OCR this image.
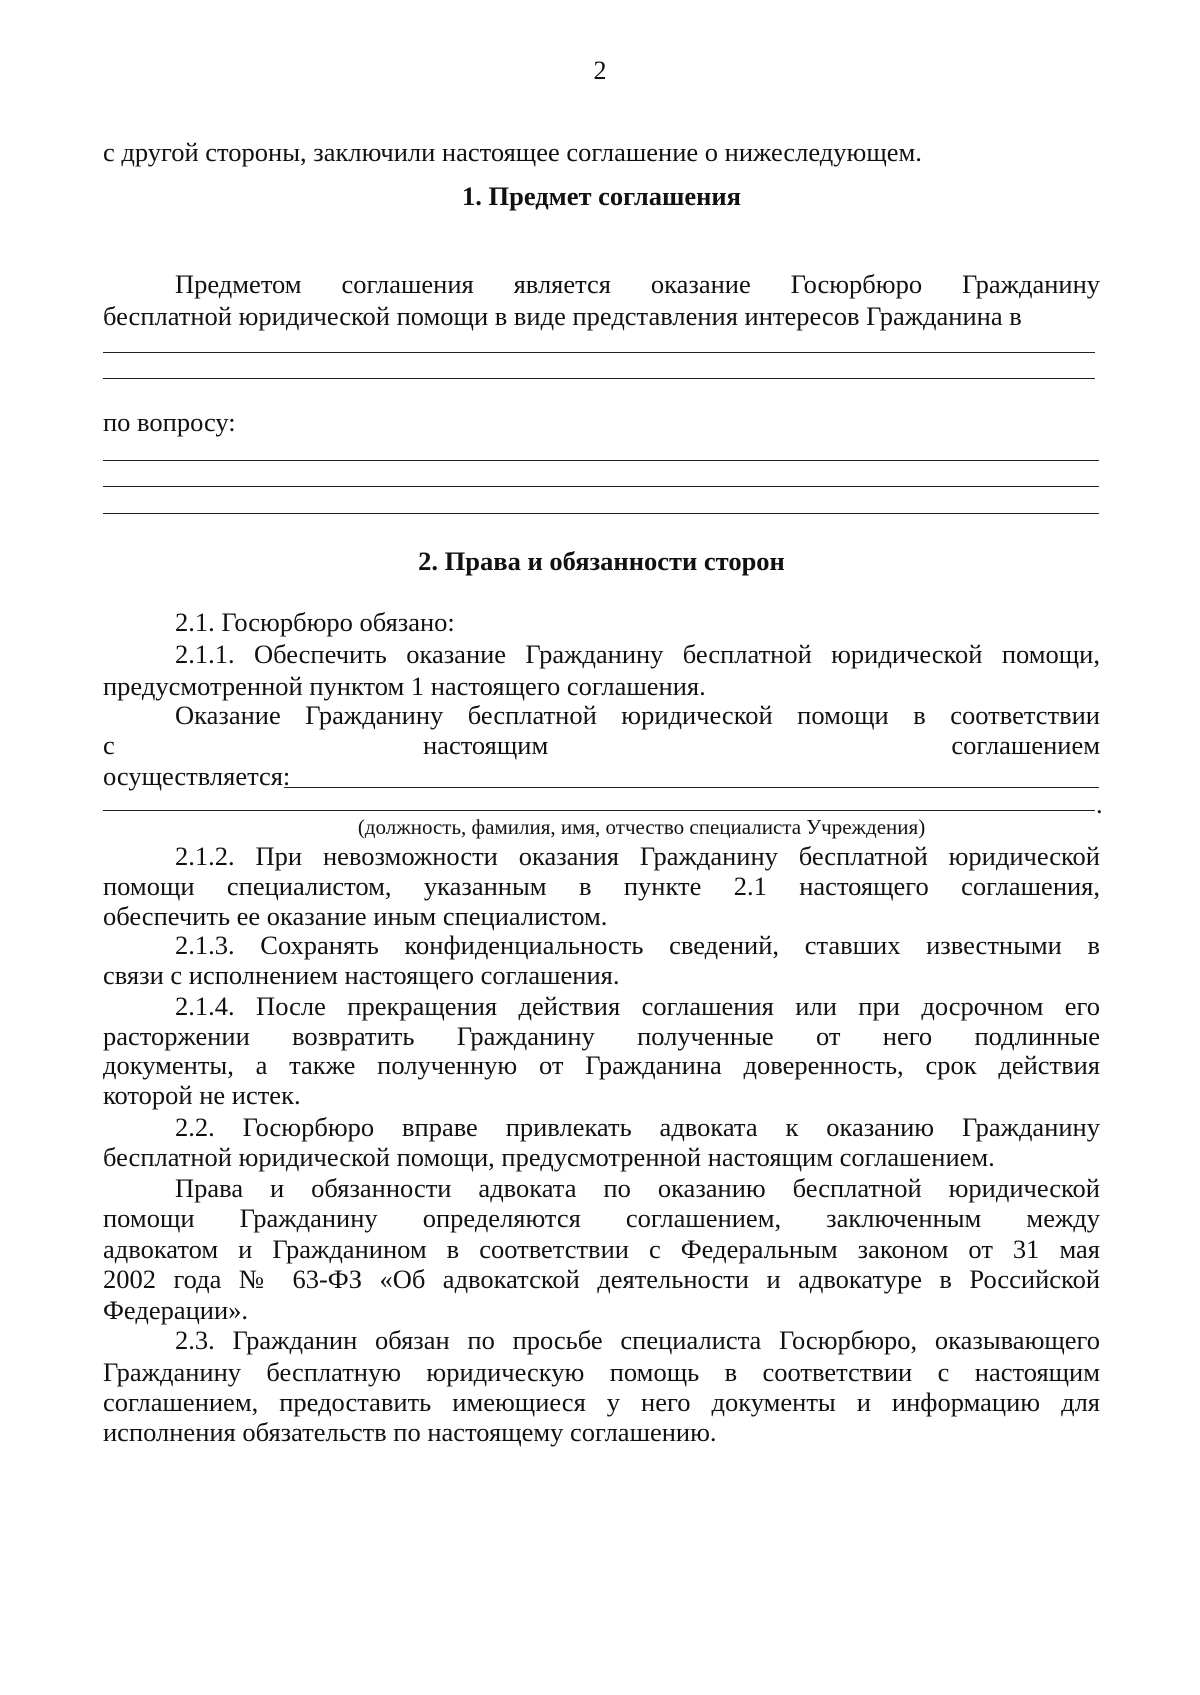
2
с другой стороны, заключили настоящее соглашение о нижеследующем.
1. Предмет соглашения
Предметом соглашения является оказание Госюрбюро Гражданину
бесплатной юридической помощи в виде представления интересов Гражданина в
по вопросу:
2. Права и обязанности сторон
2.1. Госюрбюро обязано:
2.1.1. Обеспечить оказание Гражданину бесплатной юридической помощи,
предусмотренной пунктом 1 настоящего соглашения.
Оказание Гражданину бесплатной юридической помощи в соответствии
с	настоящим	соглашением
осуществляется:
.
(должность, фамилия, имя, отчество специалиста Учреждения)
2.1.2. При невозможности оказания Гражданину бесплатной юридической
помощи специалистом, указанным в пункте 2.1 настоящего соглашения,
обеспечить ее оказание иным специалистом.
2.1.3. Сохранять конфиденциальность сведений, ставших известными в
связи с исполнением настоящего соглашения.
2.1.4. После прекращения действия соглашения или при досрочном его
расторжении возвратить Гражданину полученные от него подлинные
документы, а также полученную от Гражданина доверенность, срок действия
которой не истек.
2.2. Госюрбюро вправе привлекать адвоката к оказанию Гражданину
бесплатной юридической помощи, предусмотренной настоящим соглашением.
Права и обязанности адвоката по оказанию бесплатной юридической
помощи Гражданину определяются соглашением, заключенным между
адвокатом и Гражданином в соответствии с Федеральным законом от 31 мая
2002 года № 63-ФЗ «Об адвокатской деятельности и адвокатуре в Российской
Федерации».
2.3. Гражданин обязан по просьбе специалиста Госюрбюро, оказывающего
Гражданину бесплатную юридическую помощь в соответствии с настоящим
соглашением, предоставить имеющиеся у него документы и информацию для
исполнения обязательств по настоящему соглашению.
